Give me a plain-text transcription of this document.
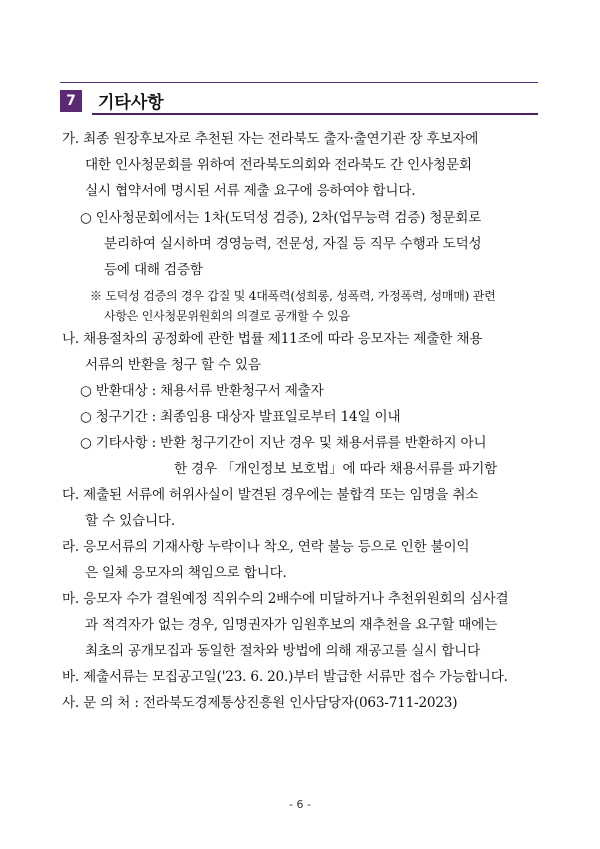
7	기타사항
가. 최종 원장후보자로 추천된 자는 전라북도 출자·출연기관 장 후보자에
대한 인사청문회를 위하여 전라북도의회와 전라북도 간 인사청문회
실시 협약서에 명시된 서류 제출 요구에 응하여야 합니다.
○ 인사청문회에서는 1차(도덕성 검증), 2차(업무능력 검증) 청문회로
분리하여 실시하며 경영능력, 전문성, 자질 등 직무 수행과 도덕성
등에 대해 검증함
※ 도덕성 검증의 경우 갑질 및 4대폭력(성희롱, 성폭력, 가정폭력, 성매매) 관련
사항은 인사청문위원회의 의결로 공개할 수 있음
나. 채용절차의 공정화에 관한 법률 제11조에 따라 응모자는 제출한 채용
서류의 반환을 청구 할 수 있음
○ 반환대상 : 채용서류 반환청구서 제출자
○ 청구기간 : 최종임용 대상자 발표일로부터 14일 이내
○ 기타사항 : 반환 청구기간이 지난 경우 및 채용서류를 반환하지 아니
한 경우 「개인정보 보호법」에 따라 채용서류를 파기함
다. 제출된 서류에 허위사실이 발견된 경우에는 불합격 또는 임명을 취소
할 수 있습니다.
라. 응모서류의 기재사항 누락이나 착오, 연락 불능 등으로 인한 불이익
은 일체 응모자의 책임으로 합니다.
마. 응모자 수가 결원예정 직위수의 2배수에 미달하거나 추천위원회의 심사결
과 적격자가 없는 경우, 임명권자가 임원후보의 재추천을 요구할 때에는
최초의 공개모집과 동일한 절차와 방법에 의해 재공고를 실시 합니다
바. 제출서류는 모집공고일('23. 6. 20.)부터 발급한 서류만 접수 가능합니다.
사. 문 의 처 : 전라북도경제통상진흥원 인사담당자(063-711-2023)
- 6 -
